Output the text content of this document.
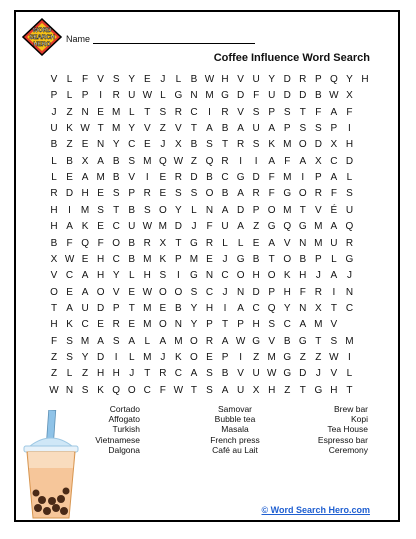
WORD
SEARCH
HERO
Name
Coffee Influence Word Search
V L F V S Y E J	L B W H V U Y D R P Q Y H
P L P	I	R U W L G N M G D F U D D B W X
J Z N E M L T S R C	I	R V S P S T F A F
U K W T M Y V Z V T A B A U A P S S P	I
B Z E N Y C E J X B S T R S K M O D X H
L B X A B S M Q W Z Q R	I	I	A F A X C D
L E A M B V	I	E R D B C G D F M I	P A L
R D H E S P R E S S O B A R F G O R F S
H	I M S T B S O Y L N A D P O M T V É U
H A K E C U W M D J	F U A Z G Q G M A Q
B F Q F O B R X T G R L L E A V N M U R
X W E H C B M K P M E J G B T O B P L G
V C A H Y L H S	I	G N C O H O K H J A J
O E A O V E W O O S C J N D P H F R	I	N
T A U D P T M E B Y H	I	A C Q Y N X T C
H K C E R E M O N Y P T P H S C A M V
F S M A S A L A M O R A W G V B G T S M
Z S Y D	I	L M J K O E P	I	Z M G Z Z W I
Z L Z H H J T R C A S B V U W G D J V L
W N S K Q O C F W T S A U X H Z T G H T
Cortado
Affogato
Turkish
Vietnamese
Dalgona
Samovar
Bubble tea
Masala
French press
Café au Lait
Brew bar
Kopi
Tea House
Espresso bar
Ceremony
© Word Search Hero.com
